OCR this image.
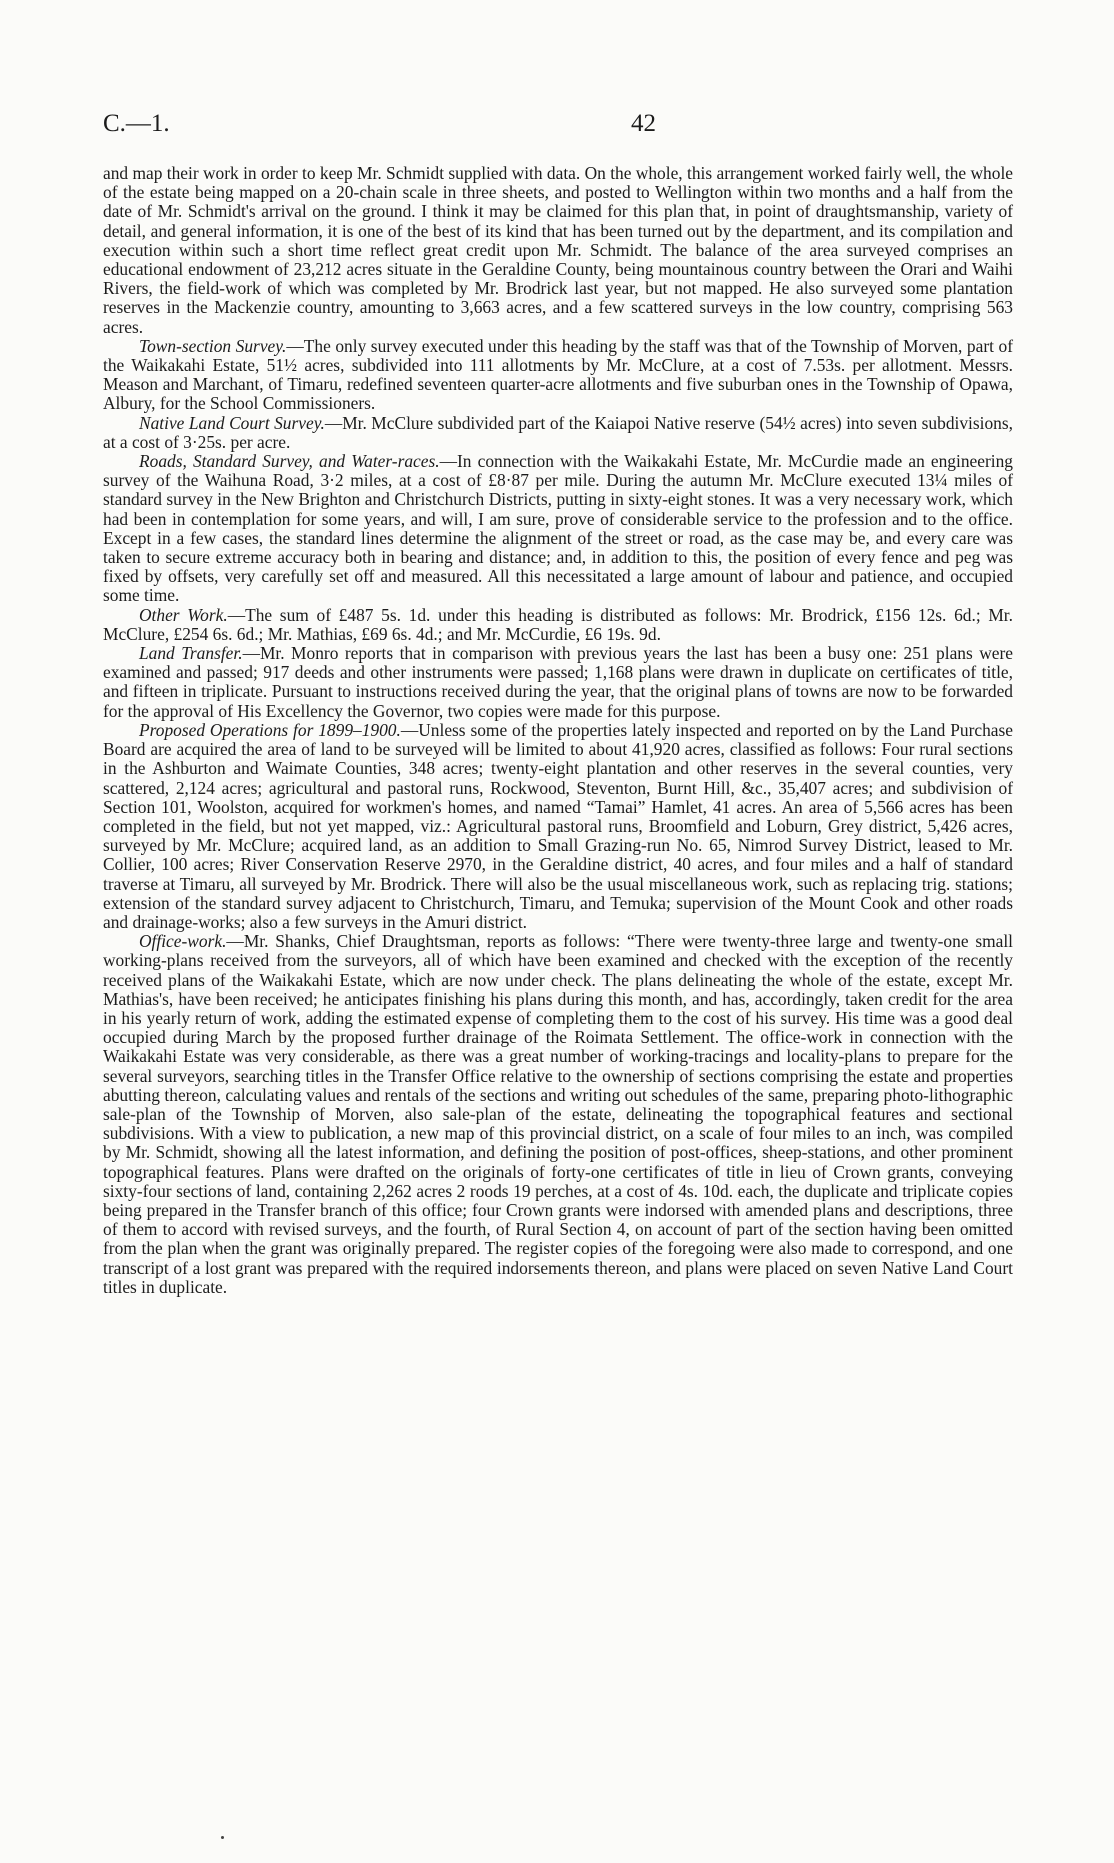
C.—1.	42

and map their work in order to keep Mr. Schmidt supplied with data. On the whole, this arrangement worked fairly well, the whole of the estate being mapped on a 20-chain scale in three sheets, and posted to Wellington within two months and a half from the date of Mr. Schmidt's arrival on the ground. I think it may be claimed for this plan that, in point of draughtsmanship, variety of detail, and general information, it is one of the best of its kind that has been turned out by the department, and its compilation and execution within such a short time reflect great credit upon Mr. Schmidt. The balance of the area surveyed comprises an educational endowment of 23,212 acres situate in the Geraldine County, being mountainous country between the Orari and Waihi Rivers, the field-work of which was completed by Mr. Brodrick last year, but not mapped. He also surveyed some plantation reserves in the Mackenzie country, amounting to 3,663 acres, and a few scattered surveys in the low country, comprising 563 acres.

Town-section Survey.—The only survey executed under this heading by the staff was that of the Township of Morven, part of the Waikakahi Estate, 51½ acres, subdivided into 111 allotments by Mr. McClure, at a cost of 7.53s. per allotment. Messrs. Meason and Marchant, of Timaru, redefined seventeen quarter-acre allotments and five suburban ones in the Township of Opawa, Albury, for the School Commissioners.

Native Land Court Survey.—Mr. McClure subdivided part of the Kaiapoi Native reserve (54½ acres) into seven subdivisions, at a cost of 3·25s. per acre.

Roads, Standard Survey, and Water-races.—In connection with the Waikakahi Estate, Mr. McCurdie made an engineering survey of the Waihuna Road, 3·2 miles, at a cost of £8·87 per mile. During the autumn Mr. McClure executed 13¼ miles of standard survey in the New Brighton and Christchurch Districts, putting in sixty-eight stones. It was a very necessary work, which had been in contemplation for some years, and will, I am sure, prove of considerable service to the profession and to the office. Except in a few cases, the standard lines determine the alignment of the street or road, as the case may be, and every care was taken to secure extreme accuracy both in bearing and distance; and, in addition to this, the position of every fence and peg was fixed by offsets, very carefully set off and measured. All this necessitated a large amount of labour and patience, and occupied some time.

Other Work.—The sum of £487 5s. 1d. under this heading is distributed as follows: Mr. Brodrick, £156 12s. 6d.; Mr. McClure, £254 6s. 6d.; Mr. Mathias, £69 6s. 4d.; and Mr. McCurdie, £6 19s. 9d.

Land Transfer.—Mr. Monro reports that in comparison with previous years the last has been a busy one: 251 plans were examined and passed; 917 deeds and other instruments were passed; 1,168 plans were drawn in duplicate on certificates of title, and fifteen in triplicate. Pursuant to instructions received during the year, that the original plans of towns are now to be forwarded for the approval of His Excellency the Governor, two copies were made for this purpose.

Proposed Operations for 1899–1900.—Unless some of the properties lately inspected and reported on by the Land Purchase Board are acquired the area of land to be surveyed will be limited to about 41,920 acres, classified as follows: Four rural sections in the Ashburton and Waimate Counties, 348 acres; twenty-eight plantation and other reserves in the several counties, very scattered, 2,124 acres; agricultural and pastoral runs, Rockwood, Steventon, Burnt Hill, &c., 35,407 acres; and subdivision of Section 101, Woolston, acquired for workmen's homes, and named “Tamai” Hamlet, 41 acres. An area of 5,566 acres has been completed in the field, but not yet mapped, viz.: Agricultural pastoral runs, Broomfield and Loburn, Grey district, 5,426 acres, surveyed by Mr. McClure; acquired land, as an addition to Small Grazing-run No. 65, Nimrod Survey District, leased to Mr. Collier, 100 acres; River Conservation Reserve 2970, in the Geraldine district, 40 acres, and four miles and a half of standard traverse at Timaru, all surveyed by Mr. Brodrick. There will also be the usual miscellaneous work, such as replacing trig. stations; extension of the standard survey adjacent to Christchurch, Timaru, and Temuka; supervision of the Mount Cook and other roads and drainage-works; also a few surveys in the Amuri district.

Office-work.—Mr. Shanks, Chief Draughtsman, reports as follows: “There were twenty-three large and twenty-one small working-plans received from the surveyors, all of which have been examined and checked with the exception of the recently received plans of the Waikakahi Estate, which are now under check. The plans delineating the whole of the estate, except Mr. Mathias's, have been received; he anticipates finishing his plans during this month, and has, accordingly, taken credit for the area in his yearly return of work, adding the estimated expense of completing them to the cost of his survey. His time was a good deal occupied during March by the proposed further drainage of the Roimata Settlement. The office-work in connection with the Waikakahi Estate was very considerable, as there was a great number of working-tracings and locality-plans to prepare for the several surveyors, searching titles in the Transfer Office relative to the ownership of sections comprising the estate and properties abutting thereon, calculating values and rentals of the sections and writing out schedules of the same, preparing photo-lithographic sale-plan of the Township of Morven, also sale-plan of the estate, delineating the topographical features and sectional subdivisions. With a view to publication, a new map of this provincial district, on a scale of four miles to an inch, was compiled by Mr. Schmidt, showing all the latest information, and defining the position of post-offices, sheep-stations, and other prominent topographical features. Plans were drafted on the originals of forty-one certificates of title in lieu of Crown grants, conveying sixty-four sections of land, containing 2,262 acres 2 roods 19 perches, at a cost of 4s. 10d. each, the duplicate and triplicate copies being prepared in the Transfer branch of this office; four Crown grants were indorsed with amended plans and descriptions, three of them to accord with revised surveys, and the fourth, of Rural Section 4, on account of part of the section having been omitted from the plan when the grant was originally prepared. The register copies of the foregoing were also made to correspond, and one transcript of a lost grant was prepared with the required indorsements thereon, and plans were placed on seven Native Land Court titles in duplicate.
